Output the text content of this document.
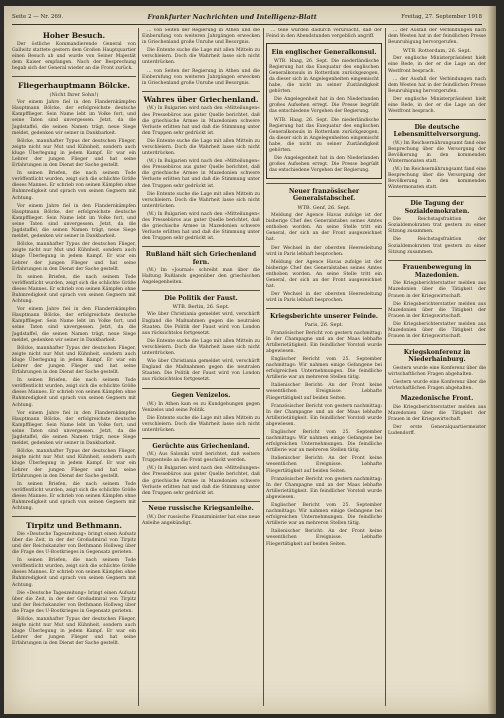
Seite 2 — Nr. 269.	Frankfurter Nachrichten und Intelligenz-Blatt	Freitag, 27. September 1918
Hoher Besuch.

Der östliche Kommandierende General von Gallwitz stattete gestern dem Großen Hauptquartier einen Besuch ab und wurde von Seiner Majestät dem Kaiser empfangen. Nach der Besprechung begab sich der General wieder an die Front zurück.

Fliegerhauptmann Bölcke.
(Nicht Ihrer Sohn!)

Vor einem Jahre fiel in den Flandernkämpfen Hauptmann Bölcke, der erfolgreichste deutsche Kampfflieger. Sein Name lebt im Volke fort, und seine Taten sind unvergessen. Jetzt, da die Jagdstaffel, die seinen Namen trägt, neue Siege meldet, gedenken wir seiner in Dankbarkeit.

Bölcke, mannhafter Typus der deutschen Flieger, zeigte nicht nur Mut und Kühnheit, sondern auch kluge Überlegung in jedem Kampf. Er war ein Lehrer der jungen Flieger und hat seine Erfahrungen in den Dienst der Sache gestellt.

In seinen Briefen, die nach seinem Tode veröffentlicht wurden, zeigt sich die schlichte Größe dieses Mannes. Er schrieb von seinen Kämpfen ohne Ruhmredigkeit und sprach von seinen Gegnern mit Achtung.

Vor einem Jahre fiel in den Flandernkämpfen Hauptmann Bölcke, der erfolgreichste deutsche Kampfflieger. Sein Name lebt im Volke fort, und seine Taten sind unvergessen. Jetzt, da die Jagdstaffel, die seinen Namen trägt, neue Siege meldet, gedenken wir seiner in Dankbarkeit.

Bölcke, mannhafter Typus der deutschen Flieger, zeigte nicht nur Mut und Kühnheit, sondern auch kluge Überlegung in jedem Kampf. Er war ein Lehrer der jungen Flieger und hat seine Erfahrungen in den Dienst der Sache gestellt.

In seinen Briefen, die nach seinem Tode veröffentlicht wurden, zeigt sich die schlichte Größe dieses Mannes. Er schrieb von seinen Kämpfen ohne Ruhmredigkeit und sprach von seinen Gegnern mit Achtung.

Vor einem Jahre fiel in den Flandernkämpfen Hauptmann Bölcke, der erfolgreichste deutsche Kampfflieger. Sein Name lebt im Volke fort, und seine Taten sind unvergessen. Jetzt, da die Jagdstaffel, die seinen Namen trägt, neue Siege meldet, gedenken wir seiner in Dankbarkeit.

Bölcke, mannhafter Typus der deutschen Flieger, zeigte nicht nur Mut und Kühnheit, sondern auch kluge Überlegung in jedem Kampf. Er war ein Lehrer der jungen Flieger und hat seine Erfahrungen in den Dienst der Sache gestellt.

In seinen Briefen, die nach seinem Tode veröffentlicht wurden, zeigt sich die schlichte Größe dieses Mannes. Er schrieb von seinen Kämpfen ohne Ruhmredigkeit und sprach von seinen Gegnern mit Achtung.

Vor einem Jahre fiel in den Flandernkämpfen Hauptmann Bölcke, der erfolgreichste deutsche Kampfflieger. Sein Name lebt im Volke fort, und seine Taten sind unvergessen. Jetzt, da die Jagdstaffel, die seinen Namen trägt, neue Siege meldet, gedenken wir seiner in Dankbarkeit.

Bölcke, mannhafter Typus der deutschen Flieger, zeigte nicht nur Mut und Kühnheit, sondern auch kluge Überlegung in jedem Kampf. Er war ein Lehrer der jungen Flieger und hat seine Erfahrungen in den Dienst der Sache gestellt.

In seinen Briefen, die nach seinem Tode veröffentlicht wurden, zeigt sich die schlichte Größe dieses Mannes. Er schrieb von seinen Kämpfen ohne Ruhmredigkeit und sprach von seinen Gegnern mit Achtung.

Tirpitz und Bethmann.

Die »Deutsche Tageszeitung« bringt einen Aufsatz über die Zeit, in der der Großadmiral von Tirpitz und der Reichskanzler von Bethmann Hollweg über die Frage des U-Bootkrieges in Gegensatz gerieten.

In seinen Briefen, die nach seinem Tode veröffentlicht wurden, zeigt sich die schlichte Größe dieses Mannes. Er schrieb von seinen Kämpfen ohne Ruhmredigkeit und sprach von seinen Gegnern mit Achtung.

Die »Deutsche Tageszeitung« bringt einen Aufsatz über die Zeit, in der der Großadmiral von Tirpitz und der Reichskanzler von Bethmann Hollweg über die Frage des U-Bootkrieges in Gegensatz gerieten.

Bölcke, mannhafter Typus der deutschen Flieger, zeigte nicht nur Mut und Kühnheit, sondern auch kluge Überlegung in jedem Kampf. Er war ein Lehrer der jungen Flieger und hat seine Erfahrungen in den Dienst der Sache gestellt.

... von Seiten der Regierung in Athen und die Einberufung von weiteren Jahrgängen erwecken in Griechenland große Unruhe und Besorgnis.

Die Entente suche die Lage mit allen Mitteln zu verschleiern. Doch die Wahrheit lasse sich nicht unterdrücken.

... von Seiten der Regierung in Athen und die Einberufung von weiteren Jahrgängen erwecken in Griechenland große Unruhe und Besorgnis.

Wahres über Griechenland.

(W.) In Bulgarien wird nach den »Mitteilungen« des Pressebüros aus guter Quelle berichtet, daß die griechische Armee in Mazedonien schwere Verluste erlitten hat und daß die Stimmung unter den Truppen sehr gedrückt ist.

Die Entente suche die Lage mit allen Mitteln zu verschleiern. Doch die Wahrheit lasse sich nicht unterdrücken.

(W.) In Bulgarien wird nach den »Mitteilungen« des Pressebüros aus guter Quelle berichtet, daß die griechische Armee in Mazedonien schwere Verluste erlitten hat und daß die Stimmung unter den Truppen sehr gedrückt ist.

Die Entente suche die Lage mit allen Mitteln zu verschleiern. Doch die Wahrheit lasse sich nicht unterdrücken.

(W.) In Bulgarien wird nach den »Mitteilungen« des Pressebüros aus guter Quelle berichtet, daß die griechische Armee in Mazedonien schwere Verluste erlitten hat und daß die Stimmung unter den Truppen sehr gedrückt ist.

Rußland hält sich Griechenland fern.

(W.) Im »Journal« schreibt man über die Haltung Rußlands gegenüber den griechischen Angelegenheiten.

Die Politik der Faust.
WTB. Berlin, 26. Sept.

Wie über Christiania gemeldet wird, verschärft England die Maßnahmen gegen die neutralen Staaten. Die Politik der Faust wird von London aus rücksichtslos fortgesetzt.

Die Entente suche die Lage mit allen Mitteln zu verschleiern. Doch die Wahrheit lasse sich nicht unterdrücken.

Wie über Christiania gemeldet wird, verschärft England die Maßnahmen gegen die neutralen Staaten. Die Politik der Faust wird von London aus rücksichtslos fortgesetzt.

Gegen Venizelos.

(W.) In Athen kam es zu Kundgebungen gegen Venizelos und seine Politik.

Die Entente suche die Lage mit allen Mitteln zu verschleiern. Doch die Wahrheit lasse sich nicht unterdrücken.

Gerüchte aus Griechenland.

(W.) Aus Saloniki wird berichtet, daß weitere Truppenteile an die Front geschickt werden.

(W.) In Bulgarien wird nach den »Mitteilungen« des Pressebüros aus guter Quelle berichtet, daß die griechische Armee in Mazedonien schwere Verluste erlitten hat und daß die Stimmung unter den Truppen sehr gedrückt ist.

Neue russische Kriegsanleihe.

(W.) Der russische Finanzminister hat eine neue Anleihe angekündigt.

... teile wurden dadurch verursacht, daß der Feind in den Abendstunden vergeblich angriff.

Ein englischer Generalkonsul.

WTB. Haag, 26. Sept. Die niederländische Regierung hat das Exequatur des englischen Generalkonsuls in Rotterdam zurückgezogen, da dieser sich in Angelegenheiten eingemischt habe, die nicht zu seiner Zuständigkeit gehörten.

Die Angelegenheit hat in den Niederlanden großes Aufsehen erregt. Die Presse begrüßt das entschiedene Vorgehen der Regierung.

WTB. Haag, 26. Sept. Die niederländische Regierung hat das Exequatur des englischen Generalkonsuls in Rotterdam zurückgezogen, da dieser sich in Angelegenheiten eingemischt habe, die nicht zu seiner Zuständigkeit gehörten.

Die Angelegenheit hat in den Niederlanden großes Aufsehen erregt. Die Presse begrüßt das entschiedene Vorgehen der Regierung.

Neuer französischer Generalstabschef.
WTB. Genf, 26. Sept.

Meldung der Agence Havas zufolge ist der bisherige Chef des Generalstabes seines Amtes enthoben worden. An seine Stelle tritt ein General, der sich an der Front ausgezeichnet hat.

Der Wechsel in der obersten Heeresleitung wird in Paris lebhaft besprochen.

Meldung der Agence Havas zufolge ist der bisherige Chef des Generalstabes seines Amtes enthoben worden. An seine Stelle tritt ein General, der sich an der Front ausgezeichnet hat.

Der Wechsel in der obersten Heeresleitung wird in Paris lebhaft besprochen.

Kriegsberichte unserer Feinde.
Paris, 26. Sept.

Französischer Bericht von gestern nachmittag: In der Champagne und an der Maas lebhafte Artillerietätigkeit. Ein feindlicher Vorstoß wurde abgewiesen.

Englischer Bericht vom 25. September nachmittags: Wir nahmen einige Gefangene bei erfolgreichen Unternehmungen. Die feindliche Artillerie war an mehreren Stellen tätig.

Italienischer Bericht: An der Front keine wesentlichen Ereignisse. Lebhafte Fliegertätigkeit auf beiden Seiten.

Französischer Bericht von gestern nachmittag: In der Champagne und an der Maas lebhafte Artillerietätigkeit. Ein feindlicher Vorstoß wurde abgewiesen.

Englischer Bericht vom 25. September nachmittags: Wir nahmen einige Gefangene bei erfolgreichen Unternehmungen. Die feindliche Artillerie war an mehreren Stellen tätig.

Italienischer Bericht: An der Front keine wesentlichen Ereignisse. Lebhafte Fliegertätigkeit auf beiden Seiten.

Französischer Bericht von gestern nachmittag: In der Champagne und an der Maas lebhafte Artillerietätigkeit. Ein feindlicher Vorstoß wurde abgewiesen.

Englischer Bericht vom 25. September nachmittags: Wir nahmen einige Gefangene bei erfolgreichen Unternehmungen. Die feindliche Artillerie war an mehreren Stellen tätig.

Italienischer Bericht: An der Front keine wesentlichen Ereignisse. Lebhafte Fliegertätigkeit auf beiden Seiten.

... der Ausfall der Verbindungen nach dem Westen hat in der feindlichen Presse Beunruhigung hervorgerufen.

WTB. Rotterdam, 26. Sept.

Der englische Ministerpräsident hielt eine Rede, in der er die Lage an der Westfront besprach.

... der Ausfall der Verbindungen nach dem Westen hat in der feindlichen Presse Beunruhigung hervorgerufen.

Der englische Ministerpräsident hielt eine Rede, in der er die Lage an der Westfront besprach.

Die deutsche Lebensmittelversorgung.

(W.) Im Reichsernährungsamt fand eine Besprechung über die Versorgung der Bevölkerung in den kommenden Wintermonaten statt.

(W.) Im Reichsernährungsamt fand eine Besprechung über die Versorgung der Bevölkerung in den kommenden Wintermonaten statt.

Die Tagung der Sozialdemokraten.

Die Reichstagsfraktion der Sozialdemokraten trat gestern zu einer Sitzung zusammen.

Die Reichstagsfraktion der Sozialdemokraten trat gestern zu einer Sitzung zusammen.

Frauenbewegung in Mazedonien.

Die Kriegsberichterstatter melden aus Mazedonien über die Tätigkeit der Frauen in der Kriegswirtschaft.

Die Kriegsberichterstatter melden aus Mazedonien über die Tätigkeit der Frauen in der Kriegswirtschaft.

Die Kriegsberichterstatter melden aus Mazedonien über die Tätigkeit der Frauen in der Kriegswirtschaft.

Kriegskonferenz in Niederhainburg.

Gestern wurde eine Konferenz über die wirtschaftlichen Fragen abgehalten.

Gestern wurde eine Konferenz über die wirtschaftlichen Fragen abgehalten.

Mazedonische Front.

Die Kriegsberichterstatter melden aus Mazedonien über die Tätigkeit der Frauen in der Kriegswirtschaft.

Der erste Generalquartiermeister Ludendorff.
